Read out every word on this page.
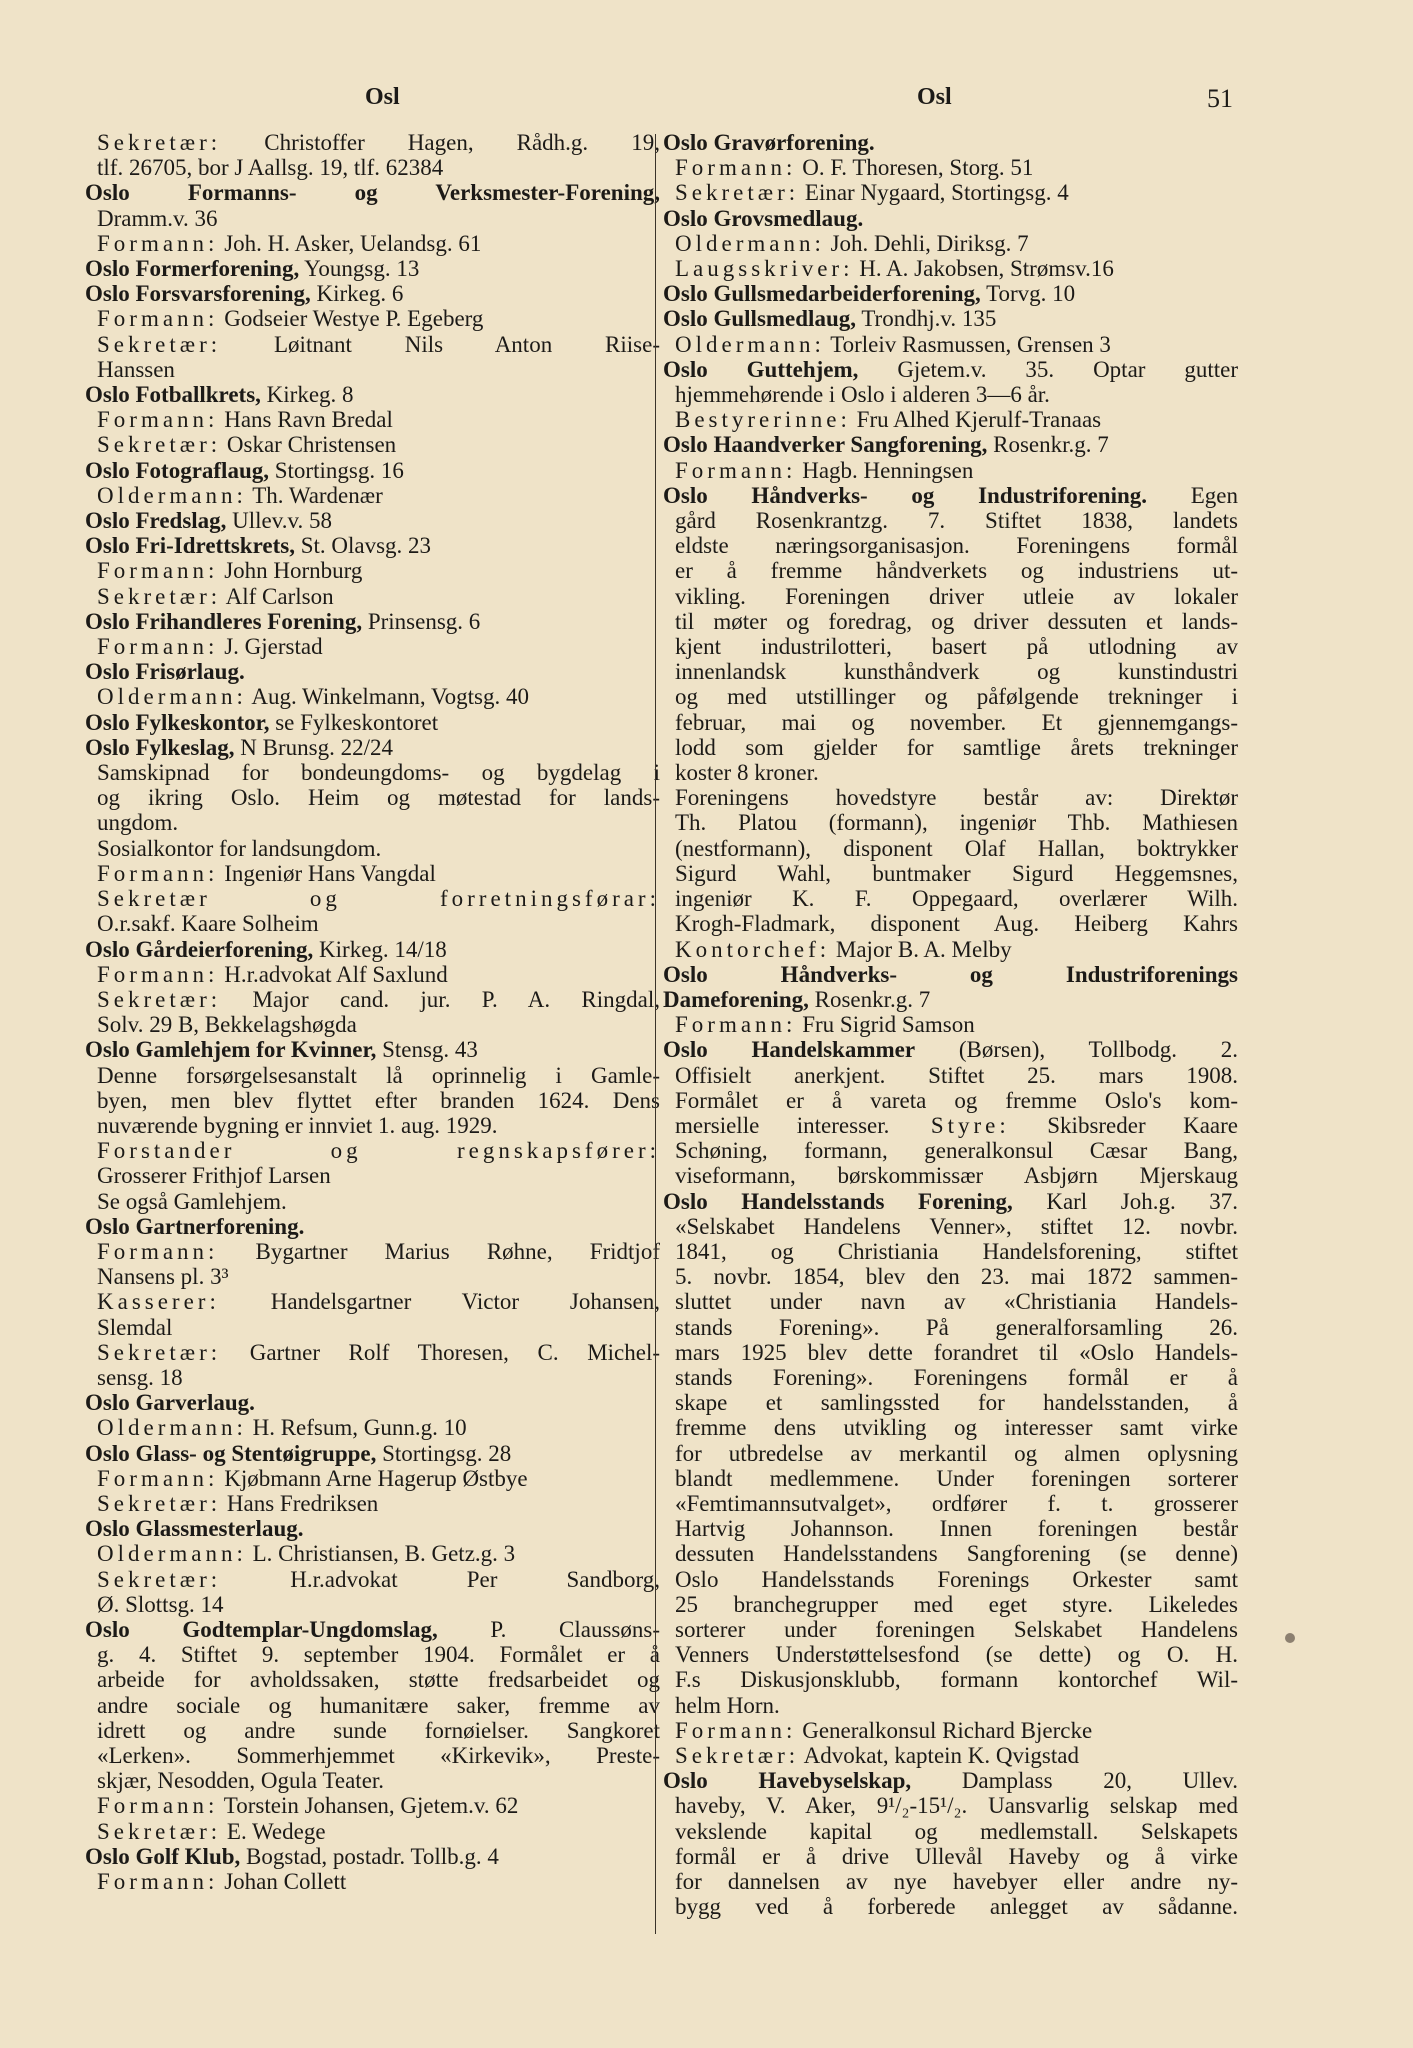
Osl	Osl	51
Sekretær: Christoffer Hagen, Rådh.g. 19,
tlf. 26705, bor J Aallsg. 19, tlf. 62384
Oslo Formanns- og Verksmester-Forening,
Dramm.v. 36
Formann: Joh. H. Asker, Uelandsg. 61
Oslo Formerforening, Youngsg. 13
Oslo Forsvarsforening, Kirkeg. 6
Formann: Godseier Westye P. Egeberg
Sekretær: Løitnant Nils Anton Riise-
Hanssen
Oslo Fotballkrets, Kirkeg. 8
Formann: Hans Ravn Bredal
Sekretær: Oskar Christensen
Oslo Fotograflaug, Stortingsg. 16
Oldermann: Th. Wardenær
Oslo Fredslag, Ullev.v. 58
Oslo Fri-Idrettskrets, St. Olavsg. 23
Formann: John Hornburg
Sekretær: Alf Carlson
Oslo Frihandleres Forening, Prinsensg. 6
Formann: J. Gjerstad
Oslo Frisørlaug.
Oldermann: Aug. Winkelmann, Vogtsg. 40
Oslo Fylkeskontor, se Fylkeskontoret
Oslo Fylkeslag, N Brunsg. 22/24
Samskipnad for bondeungdoms- og bygdelag i
og ikring Oslo. Heim og møtestad for lands-
ungdom.
Sosialkontor for landsungdom.
Formann: Ingeniør Hans Vangdal
Sekretær og forretningsførar:
O.r.sakf. Kaare Solheim
Oslo Gårdeierforening, Kirkeg. 14/18
Formann: H.r.advokat Alf Saxlund
Sekretær: Major cand. jur. P. A. Ringdal,
Solv. 29 B, Bekkelagshøgda
Oslo Gamlehjem for Kvinner, Stensg. 43
Denne forsørgelsesanstalt lå oprinnelig i Gamle-
byen, men blev flyttet efter branden 1624. Dens
nuværende bygning er innviet 1. aug. 1929.
Forstander og regnskapsfører:
Grosserer Frithjof Larsen
Se også Gamlehjem.
Oslo Gartnerforening.
Formann: Bygartner Marius Røhne, Fridtjof
Nansens pl. 3³
Kasserer: Handelsgartner Victor Johansen,
Slemdal
Sekretær: Gartner Rolf Thoresen, C. Michel-
sensg. 18
Oslo Garverlaug.
Oldermann: H. Refsum, Gunn.g. 10
Oslo Glass- og Stentøigruppe, Stortingsg. 28
Formann: Kjøbmann Arne Hagerup Østbye
Sekretær: Hans Fredriksen
Oslo Glassmesterlaug.
Oldermann: L. Christiansen, B. Getz.g. 3
Sekretær: H.r.advokat Per Sandborg,
Ø. Slottsg. 14
Oslo Godtemplar-Ungdomslag, P. Claussøns-
g. 4. Stiftet 9. september 1904. Formålet er å
arbeide for avholdssaken, støtte fredsarbeidet og
andre sociale og humanitære saker, fremme av
idrett og andre sunde fornøielser. Sangkoret
«Lerken». Sommerhjemmet «Kirkevik», Preste-
skjær, Nesodden, Ogula Teater.
Formann: Torstein Johansen, Gjetem.v. 62
Sekretær: E. Wedege
Oslo Golf Klub, Bogstad, postadr. Tollb.g. 4
Formann: Johan Collett
Oslo Gravørforening.
Formann: O. F. Thoresen, Storg. 51
Sekretær: Einar Nygaard, Stortingsg. 4
Oslo Grovsmedlaug.
Oldermann: Joh. Dehli, Diriksg. 7
Laugsskriver: H. A. Jakobsen, Strømsv.16
Oslo Gullsmedarbeiderforening, Torvg. 10
Oslo Gullsmedlaug, Trondhj.v. 135
Oldermann: Torleiv Rasmussen, Grensen 3
Oslo Guttehjem, Gjetem.v. 35. Optar gutter
hjemmehørende i Oslo i alderen 3—6 år.
Bestyrerinne: Fru Alhed Kjerulf-Tranaas
Oslo Haandverker Sangforening, Rosenkr.g. 7
Formann: Hagb. Henningsen
Oslo Håndverks- og Industriforening. Egen
gård Rosenkrantzg. 7. Stiftet 1838, landets
eldste næringsorganisasjon. Foreningens formål
er å fremme håndverkets og industriens ut-
vikling. Foreningen driver utleie av lokaler
til møter og foredrag, og driver dessuten et lands-
kjent industrilotteri, basert på utlodning av
innenlandsk kunsthåndverk og kunstindustri
og med utstillinger og påfølgende trekninger i
februar, mai og november. Et gjennemgangs-
lodd som gjelder for samtlige årets trekninger
koster 8 kroner.
Foreningens hovedstyre består av: Direktør
Th. Platou (formann), ingeniør Thb. Mathiesen
(nestformann), disponent Olaf Hallan, boktrykker
Sigurd Wahl, buntmaker Sigurd Heggemsnes,
ingeniør K. F. Oppegaard, overlærer Wilh.
Krogh-Fladmark, disponent Aug. Heiberg Kahrs
Kontorchef: Major B. A. Melby
Oslo Håndverks- og Industriforenings
Dameforening, Rosenkr.g. 7
Formann: Fru Sigrid Samson
Oslo Handelskammer (Børsen), Tollbodg. 2.
Offisielt anerkjent. Stiftet 25. mars 1908.
Formålet er å vareta og fremme Oslo's kom-
mersielle interesser. Styre: Skibsreder Kaare
Schøning, formann, generalkonsul Cæsar Bang,
viseformann, børskommissær Asbjørn Mjerskaug
Oslo Handelsstands Forening, Karl Joh.g. 37.
«Selskabet Handelens Venner», stiftet 12. novbr.
1841, og Christiania Handelsforening, stiftet
5. novbr. 1854, blev den 23. mai 1872 sammen-
sluttet under navn av «Christiania Handels-
stands Forening». På generalforsamling 26.
mars 1925 blev dette forandret til «Oslo Handels-
stands Forening». Foreningens formål er å
skape et samlingssted for handelsstanden, å
fremme dens utvikling og interesser samt virke
for utbredelse av merkantil og almen oplysning
blandt medlemmene. Under foreningen sorterer
«Femtimannsutvalget», ordfører f. t. grosserer
Hartvig Johannson. Innen foreningen består
dessuten Handelsstandens Sangforening (se denne)
Oslo Handelsstands Forenings Orkester samt
25 branchegrupper med eget styre. Likeledes
sorterer under foreningen Selskabet Handelens
Venners Understøttelsesfond (se dette) og O. H.
F.s Diskusjonsklubb, formann kontorchef Wil-
helm Horn.
Formann: Generalkonsul Richard Bjercke
Sekretær: Advokat, kaptein K. Qvigstad
Oslo Havebyselskap, Damplass 20, Ullev.
haveby, V. Aker, 9¹/₂-15¹/₂. Uansvarlig selskap med
vekslende kapital og medlemstall. Selskapets
formål er å drive Ullevål Haveby og å virke
for dannelsen av nye havebyer eller andre ny-
bygg ved å forberede anlegget av sådanne.
